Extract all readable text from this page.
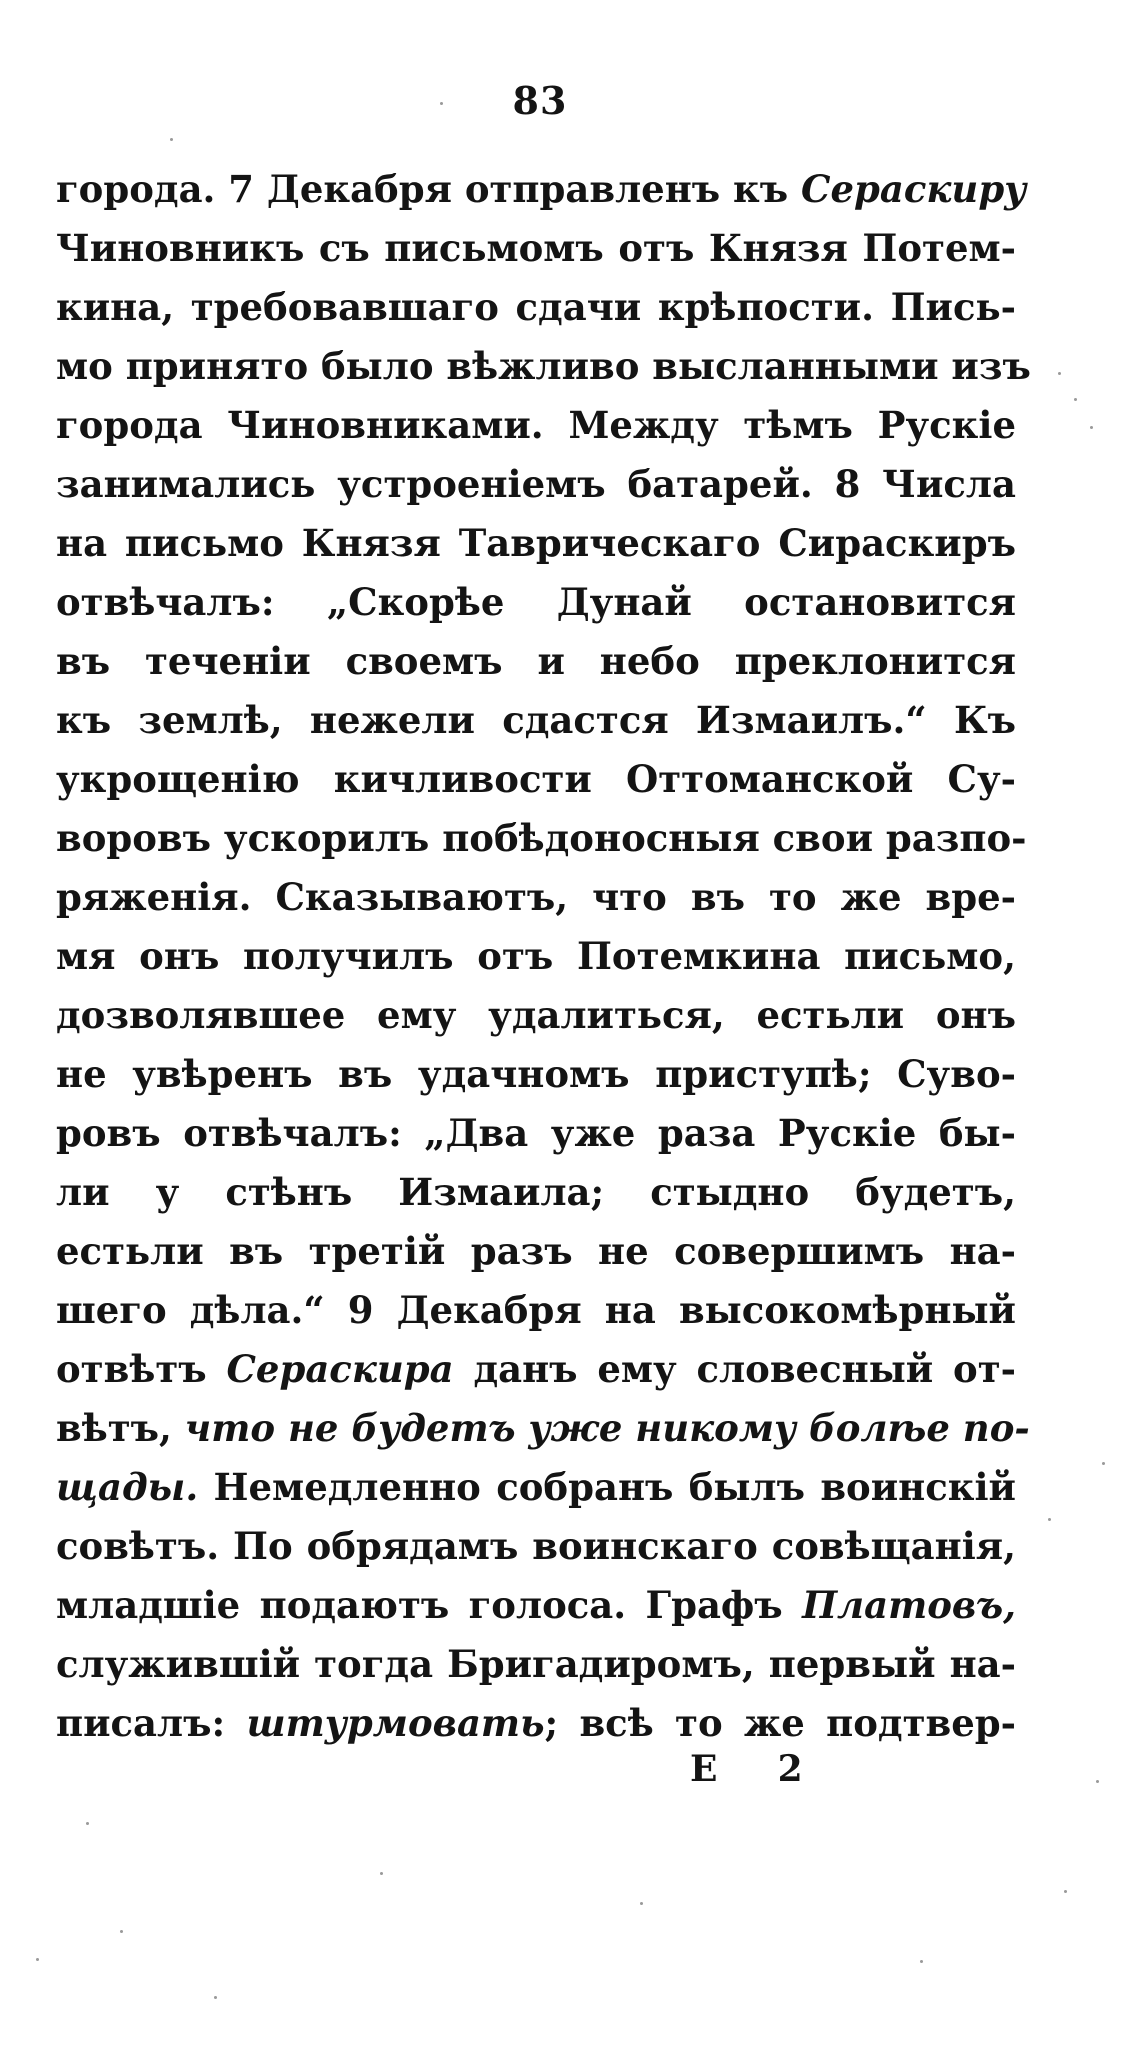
83
города. 7 Декабря отправленъ къ Сераскиру
Чиновникъ съ письмомъ отъ Князя Потем-
кина, требовавшаго сдачи крѣпости. Пись-
мо принято было вѣжливо высланными изъ
города Чиновниками. Между тѣмъ Рускіе
занимались устроеніемъ батарей. 8 Числа
на письмо Князя Таврическаго Сираскиръ
отвѣчалъ: „Скорѣе Дунай остановится
въ теченіи своемъ и небо преклонится
къ землѣ, нежели сдастся Измаилъ.“ Къ
укрощенію кичливости Оттоманской Су-
воровъ ускорилъ побѣдоносныя свои разпо-
ряженія. Сказываютъ, что въ то же вре-
мя онъ получилъ отъ Потемкина письмо,
дозволявшее ему удалиться, естьли онъ
не увѣренъ въ удачномъ приступѣ; Суво-
ровъ отвѣчалъ: „Два уже раза Рускіе бы-
ли у стѣнъ Измаила; стыдно будетъ,
естьли въ третій разъ не совершимъ на-
шего дѣла.“ 9 Декабря на высокомѣрный
отвѣтъ Сераскира данъ ему словесный от-
вѣтъ, что не будетъ уже никому болѣе по-
щады. Немедленно собранъ былъ воинскій
совѣтъ. По обрядамъ воинскаго совѣщанія,
младшіе подаютъ голоса. Графъ Платовъ,
служившій тогда Бригадиромъ, первый на-
писалъ: штурмовать; всѣ то же подтвер-
Е 2
